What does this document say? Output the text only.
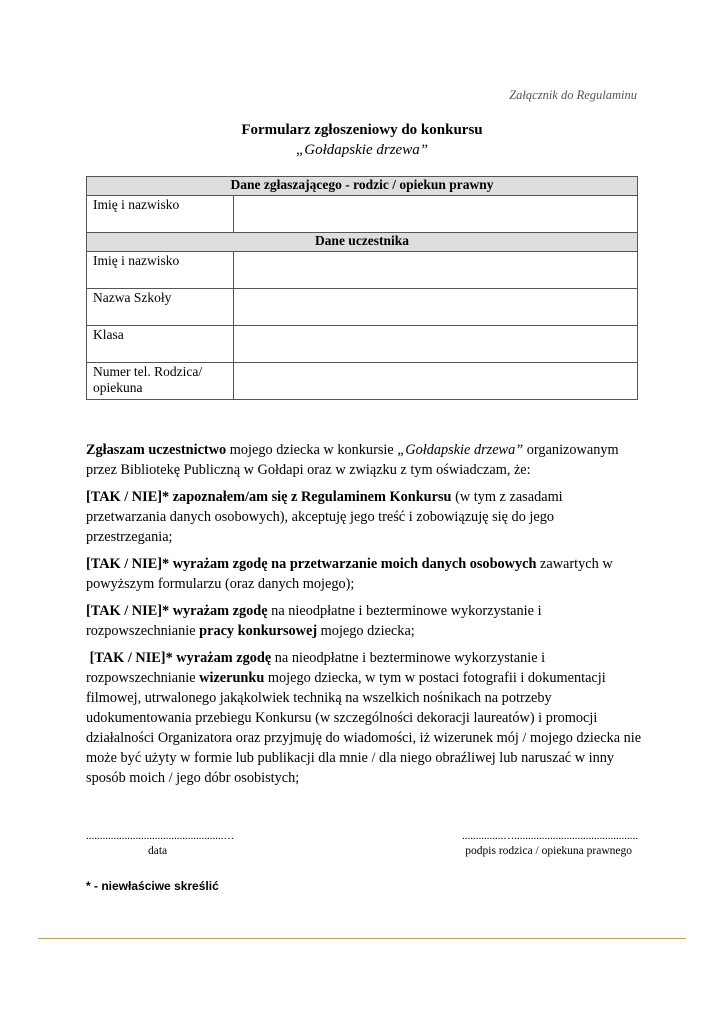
Załącznik do Regulaminu
Formularz zgłoszeniowy do konkursu
„Gołdapskie drzewa”
Dane zgłaszającego - rodzic / opiekun prawny	
Imię i nazwisko	
Dane uczestnika	
Imię i nazwisko	
Nazwa Szkoły	
Klasa	
Numer tel. Rodzica/ opiekuna	

Zgłaszam uczestnictwo mojego dziecka w konkursie „Gołdapskie drzewa” organizowanym przez Bibliotekę Publiczną w Gołdapi oraz w związku z tym oświadczam, że:

[TAK / NIE]* zapoznałem/am się z Regulaminem Konkursu (w tym z zasadami przetwarzania danych osobowych), akceptuję jego treść i zobowiązuję się do jego przestrzegania;

[TAK / NIE]* wyrażam zgodę na przetwarzanie moich danych osobowych zawartych w powyższym formularzu (oraz danych mojego);

[TAK / NIE]* wyrażam zgodę na nieodpłatne i bezterminowe wykorzystanie i rozpowszechnianie pracy konkursowej mojego dziecka;

[TAK / NIE]* wyrażam zgodę na nieodpłatne i bezterminowe wykorzystanie i rozpowszechnianie wizerunku mojego dziecka, w tym w postaci fotografii i dokumentacji filmowej, utrwalonego jakąkolwiek techniką na wszelkich nośnikach na potrzeby udokumentowania przebiegu Konkursu (w szczególności dekoracji laureatów) i promocji działalności Organizatora oraz przyjmuję do wiadomości, iż wizerunek mój / mojego dziecka nie może być użyty w formie lub publikacji dla mnie / dla niego obraźliwej lub naruszać w inny sposób moich / jego dóbr osobistych;

..................................................…	...............….............................................
data	podpis rodzica / opiekuna prawnego
* - niewłaściwe skreślić
